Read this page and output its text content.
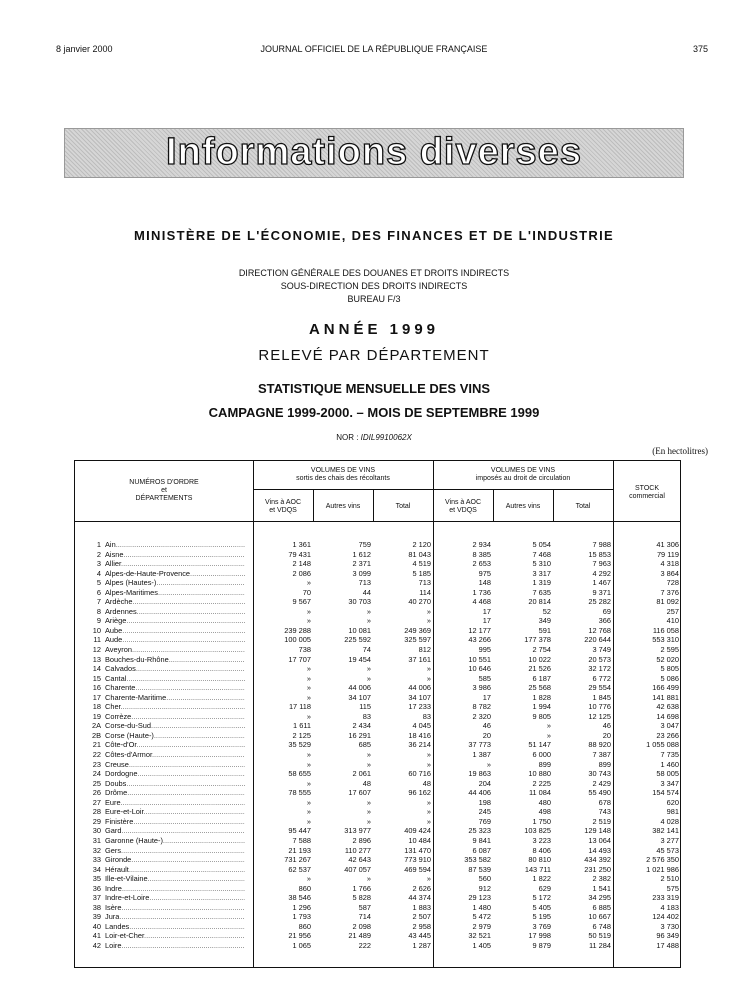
8 janvier 2000	JOURNAL OFFICIEL DE LA RÉPUBLIQUE FRANÇAISE	375
Informations diverses
MINISTÈRE DE L'ÉCONOMIE, DES FINANCES ET DE L'INDUSTRIE
DIRECTION GÉNÉRALE DES DOUANES ET DROITS INDIRECTS
SOUS-DIRECTION DES DROITS INDIRECTS
BUREAU F/3
ANNÉE 1999
RELEVÉ PAR DÉPARTEMENT
STATISTIQUE MENSUELLE DES VINS
CAMPAGNE 1999-2000. – MOIS DE SEPTEMBRE 1999
NOR : IDIL9910062X
(En hectolitres)
NUMÉROS D'ORDRE
et
DÉPARTEMENTS
VOLUMES DE VINS
sortis des chais des récoltants
VOLUMES DE VINS
imposés au droit de circulation
STOCK
commercial
Vins à AOC
et VDQS
Autres vins	Total
Vins à AOC
et VDQS
Autres vins	Total
1 Ain .....	1 361	759	2 120	2 934	5 054	7 988	41 306
2 Aisne .....	79 431	1 612	81 043	8 385	7 468	15 853	79 119
3 Allier .....	2 148	2 371	4 519	2 653	5 310	7 963	4 318
4 Alpes-de-Haute-Provence .....	2 086	3 099	5 185	975	3 317	4 292	3 864
5 Alpes (Hautes-) .....	»	713	713	148	1 319	1 467	728
6 Alpes-Maritimes .....	70	44	114	1 736	7 635	9 371	7 376
7 Ardèche .....	9 567	30 703	40 270	4 468	20 814	25 282	81 092
8 Ardennes .....	»	»	»	17	52	69	257
9 Ariège .....	»	»	»	17	349	366	410
10 Aube .....	239 288	10 081	249 369	12 177	591	12 768	116 058
11 Aude .....	100 005	225 592	325 597	43 266	177 378	220 644	553 310
12 Aveyron .....	738	74	812	995	2 754	3 749	2 595
13 Bouches-du-Rhône .....	17 707	19 454	37 161	10 551	10 022	20 573	52 020
14 Calvados .....	»	»	»	10 646	21 526	32 172	5 805
15 Cantal .....	»	»	»	585	6 187	6 772	5 086
16 Charente .....	»	44 006	44 006	3 986	25 568	29 554	166 499
17 Charente-Maritime .....	»	34 107	34 107	17	1 828	1 845	141 881
18 Cher .....	17 118	115	17 233	8 782	1 994	10 776	42 638
19 Corrèze .....	»	83	83	2 320	9 805	12 125	14 698
2A Corse-du-Sud .....	1 611	2 434	4 045	46	»	46	3 047
2B Corse (Haute-) .....	2 125	16 291	18 416	20	»	20	23 266
21 Côte-d'Or .....	35 529	685	36 214	37 773	51 147	88 920	1 055 088
22 Côtes-d'Armor .....	»	»	»	1 387	6 000	7 387	7 735
23 Creuse .....	»	»	»	»	899	899	1 460
24 Dordogne .....	58 655	2 061	60 716	19 863	10 880	30 743	58 005
25 Doubs .....	»	48	48	204	2 225	2 429	3 347
26 Drôme .....	78 555	17 607	96 162	44 406	11 084	55 490	154 574
27 Eure .....	»	»	»	198	480	678	620
28 Eure-et-Loir .....	»	»	»	245	498	743	981
29 Finistère .....	»	»	»	769	1 750	2 519	4 028
30 Gard .....	95 447	313 977	409 424	25 323	103 825	129 148	382 141
31 Garonne (Haute-) .....	7 588	2 896	10 484	9 841	3 223	13 064	3 277
32 Gers .....	21 193	110 277	131 470	6 087	8 406	14 493	45 573
33 Gironde .....	731 267	42 643	773 910	353 582	80 810	434 392	2 576 350
34 Hérault .....	62 537	407 057	469 594	87 539	143 711	231 250	1 021 986
35 Ille-et-Vilaine .....	»	»	»	560	1 822	2 382	2 510
36 Indre .....	860	1 766	2 626	912	629	1 541	575
37 Indre-et-Loire .....	38 546	5 828	44 374	29 123	5 172	34 295	233 319
38 Isère .....	1 296	587	1 883	1 480	5 405	6 885	4 183
39 Jura .....	1 793	714	2 507	5 472	5 195	10 667	124 402
40 Landes .....	860	2 098	2 958	2 979	3 769	6 748	3 730
41 Loir-et-Cher .....	21 956	21 489	43 445	32 521	17 998	50 519	96 349
42 Loire .....	1 065	222	1 287	1 405	9 879	11 284	17 488
